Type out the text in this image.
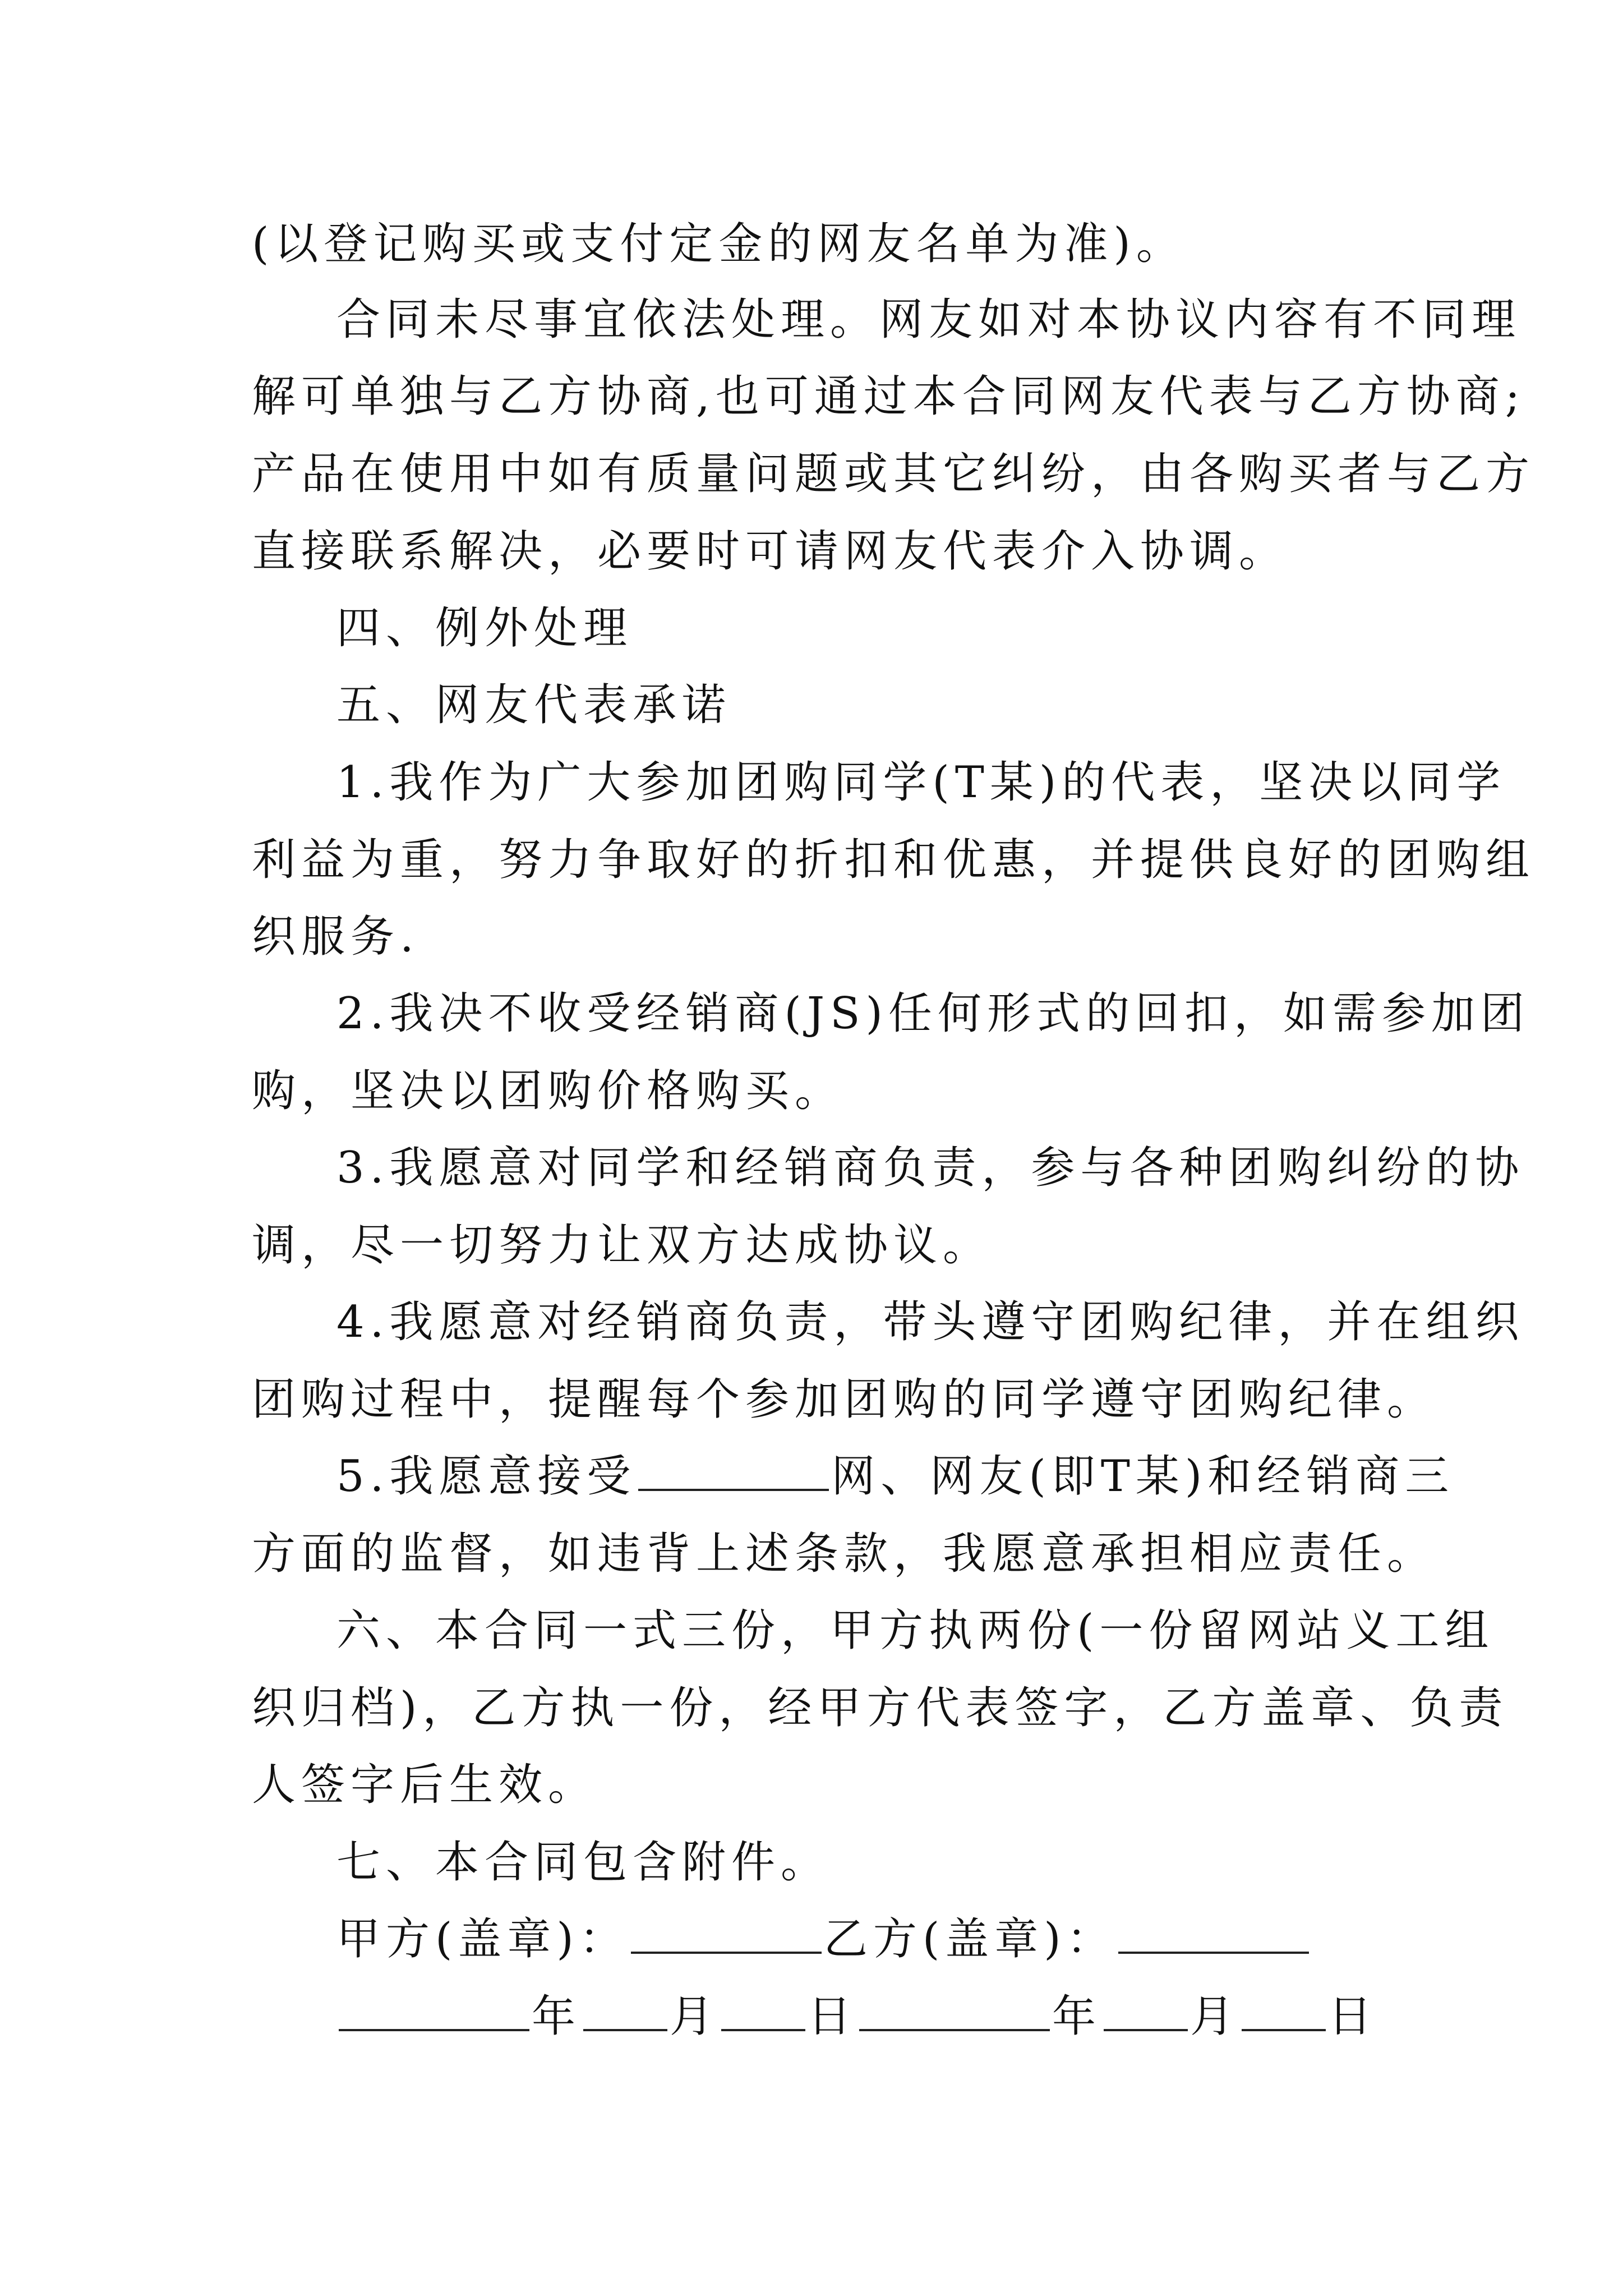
(以登记购买或支付定金的网友名单为准)。
合同未尽事宜依法处理。网友如对本协议内容有不同理
解可单独与乙方协商,也可通过本合同网友代表与乙方协商;
产品在使用中如有质量问题或其它纠纷，由各购买者与乙方
直接联系解决，必要时可请网友代表介入协调。
四、例外处理
五、网友代表承诺
1.我作为广大参加团购同学(T某)的代表，坚决以同学
利益为重，努力争取好的折扣和优惠，并提供良好的团购组
织服务.
2.我决不收受经销商(JS)任何形式的回扣，如需参加团
购，坚决以团购价格购买。
3.我愿意对同学和经销商负责，参与各种团购纠纷的协
调，尽一切努力让双方达成协议。
4.我愿意对经销商负责，带头遵守团购纪律，并在组织
团购过程中，提醒每个参加团购的同学遵守团购纪律。
5.我愿意接受	网、网友(即T某)和经销商三
方面的监督，如违背上述条款，我愿意承担相应责任。
六、本合同一式三份，甲方执两份(一份留网站义工组
织归档)，乙方执一份，经甲方代表签字，乙方盖章、负责
人签字后生效。
七、本合同包含附件。
甲方(盖章)：	乙方(盖章)：
年 月 日	年 月 日
